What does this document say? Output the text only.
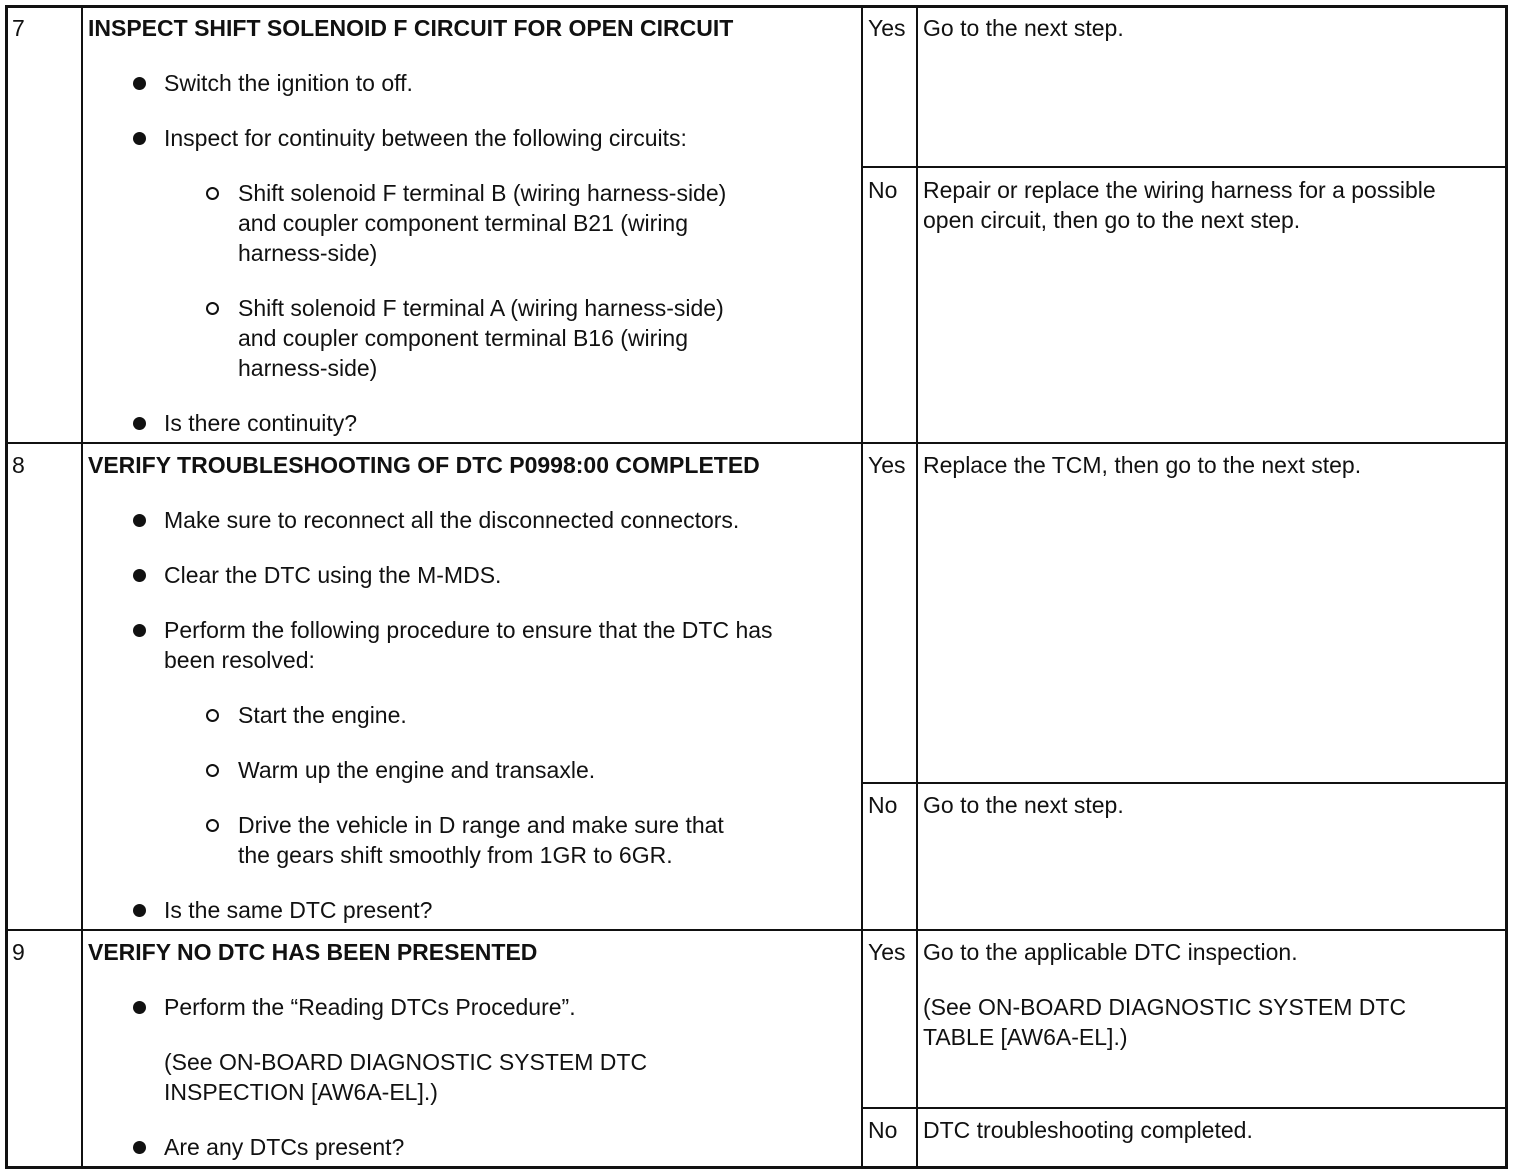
7	INSPECT SHIFT SOLENOID F CIRCUIT FOR OPEN CIRCUIT
Switch the ignition to off.
Inspect for continuity between the following circuits:
Shift solenoid F terminal B (wiring harness-side)
and coupler component terminal B21 (wiring
harness-side)
Shift solenoid F terminal A (wiring harness-side)
and coupler component terminal B16 (wiring
harness-side)
Is there continuity?
Yes Go to the next step.
No Repair or replace the wiring harness for a possible
open circuit, then go to the next step.
8	VERIFY TROUBLESHOOTING OF DTC P0998:00 COMPLETED
Make sure to reconnect all the disconnected connectors.
Clear the DTC using the M-MDS.
Perform the following procedure to ensure that the DTC has
been resolved:
Start the engine.
Warm up the engine and transaxle.
Drive the vehicle in D range and make sure that
the gears shift smoothly from 1GR to 6GR.
Is the same DTC present?
Yes Replace the TCM, then go to the next step.
No Go to the next step.
9	VERIFY NO DTC HAS BEEN PRESENTED
Perform the “Reading DTCs Procedure”.
(See ON-BOARD DIAGNOSTIC SYSTEM DTC
INSPECTION [AW6A-EL].)
Are any DTCs present?
Yes Go to the applicable DTC inspection.
(See ON-BOARD DIAGNOSTIC SYSTEM DTC
TABLE [AW6A-EL].)
No DTC troubleshooting completed.
